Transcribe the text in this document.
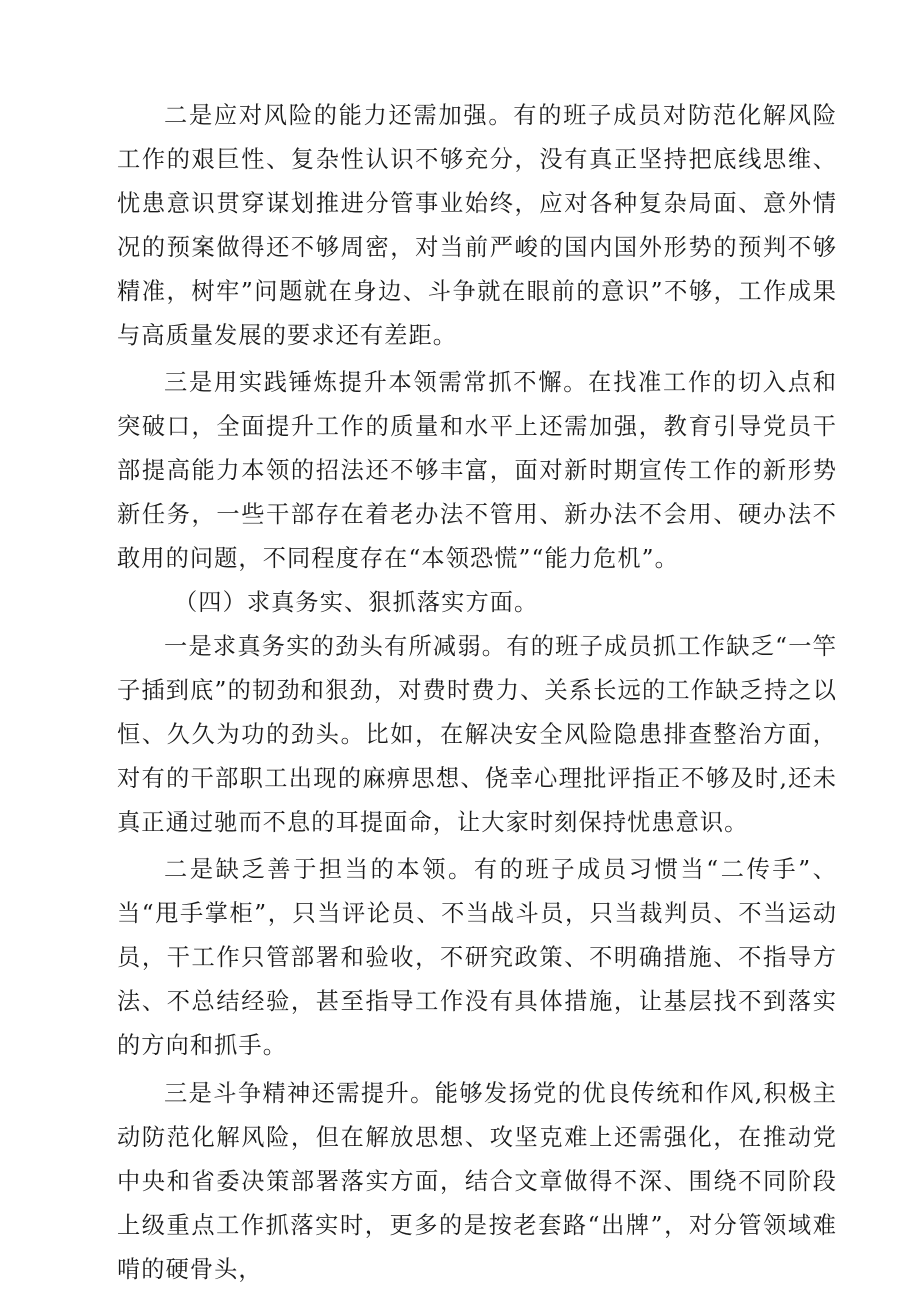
二是应对风险的能力还需加强。有的班子成员对防范化解风险工作的艰巨性、复杂性认识不够充分，没有真正坚持把底线思维、忧患意识贯穿谋划推进分管事业始终，应对各种复杂局面、意外情况的预案做得还不够周密，对当前严峻的国内国外形势的预判不够精准，树牢”问题就在身边、斗争就在眼前的意识”不够，工作成果与高质量发展的要求还有差距。

三是用实践锤炼提升本领需常抓不懈。在找准工作的切入点和突破口，全面提升工作的质量和水平上还需加强，教育引导党员干部提高能力本领的招法还不够丰富，面对新时期宣传工作的新形势新任务，一些干部存在着老办法不管用、新办法不会用、硬办法不敢用的问题，不同程度存在“本领恐慌”“能力危机”。

（四）求真务实、狠抓落实方面。

一是求真务实的劲头有所减弱。有的班子成员抓工作缺乏“一竿子插到底”的韧劲和狠劲，对费时费力、关系长远的工作缺乏持之以恒、久久为功的劲头。比如，在解决安全风险隐患排查整治方面，对有的干部职工出现的麻痹思想、侥幸心理批评指正不够及时,还未真正通过驰而不息的耳提面命，让大家时刻保持忧患意识。

二是缺乏善于担当的本领。有的班子成员习惯当“二传手”、当“甩手掌柜”，只当评论员、不当战斗员，只当裁判员、不当运动员，干工作只管部署和验收，不研究政策、不明确措施、不指导方法、不总结经验，甚至指导工作没有具体措施，让基层找不到落实的方向和抓手。

三是斗争精神还需提升。能够发扬党的优良传统和作风,积极主动防范化解风险，但在解放思想、攻坚克难上还需强化，在推动党中央和省委决策部署落实方面，结合文章做得不深、围绕不同阶段上级重点工作抓落实时，更多的是按老套路“出牌”，对分管领域难啃的硬骨头，
